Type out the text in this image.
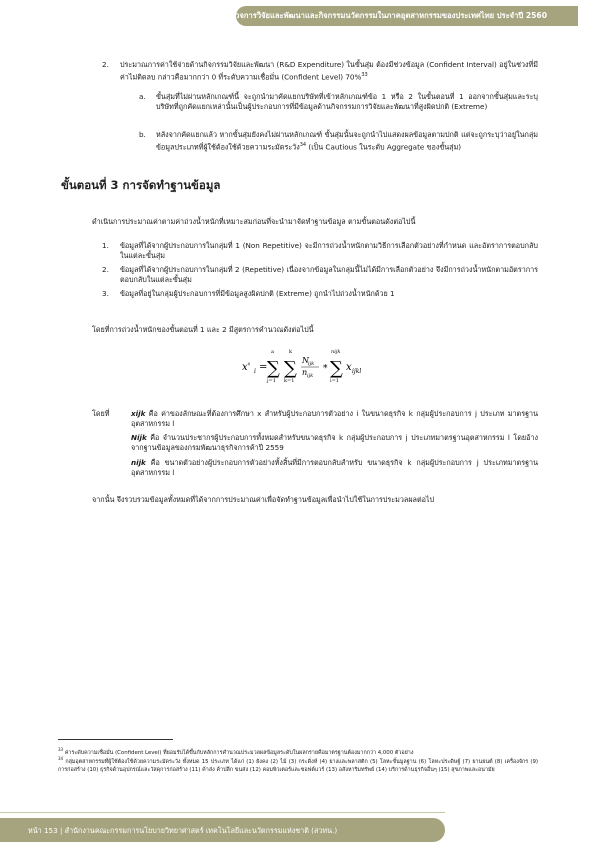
รายงานผลการสำรวจการวิจัยและพัฒนาและกิจกรรมนวัตกรรมในภาคอุตสาหกรรมของประเทศไทย ประจำปี 2560
2. ประมาณการค่าใช้จ่ายด้านกิจกรรมวิจัยและพัฒนา (R&D Expenditure) ในขั้นสุ่ม ต้องมีช่วงข้อมูล (Confident Interval) อยู่ในช่วงที่มีค่าไม่ติดลบ กล่าวคือมากกว่า 0 ที่ระดับความเชื่อมั่น (Confident Level) 70%$^{33}$
a. ขั้นสุ่มที่ไม่ผ่านหลักเกณฑ์นี้ จะถูกนำมาคัดแยกบริษัทที่เข้าหลักเกณฑ์ข้อ 1 หรือ 2 ในขั้นตอนที่ 1 ออกจากขั้นสุ่มและระบุบริษัทที่ถูกคัดแยกเหล่านั้นเป็นผู้ประกอบการที่มีข้อมูลด้านกิจกรรมการวิจัยและพัฒนาที่สูงผิดปกติ (Extreme)
b. หลังจากคัดแยกแล้ว หากขั้นสุ่มยังคงไม่ผ่านหลักเกณฑ์ ขั้นสุ่มนั้นจะถูกนำไปแสดงผลข้อมูลตามปกติ แต่จะถูกระบุว่าอยู่ในกลุ่มข้อมูลประเภทที่ผู้ใช้ต้องใช้ด้วยความระมัดระวัง$^{34}$ (เป็น Cautious ในระดับ Aggregate ของขั้นสุ่ม)
ขั้นตอนที่ 3 การจัดทำฐานข้อมูล
ดำเนินการประมาณค่าตามค่าถ่วงน้ำหนักที่เหมาะสมก่อนที่จะนำมาจัดทำฐานข้อมูล ตามขั้นตอนดังต่อไปนี้
1. ข้อมูลที่ได้จากผู้ประกอบการในกลุ่มที่ 1 (Non Repetitive) จะมีการถ่วงน้ำหนักตามวิธีการเลือกตัวอย่างที่กำหนด และอัตราการตอบกลับในแต่ละขั้นสุ่ม
2. ข้อมูลที่ได้จากผู้ประกอบการในกลุ่มที่ 2 (Repetitive) เนื่องจากข้อมูลในกลุ่มนี้ไม่ได้มีการเลือกตัวอย่าง จึงมีการถ่วงน้ำหนักตามอัตราการตอบกลับในแต่ละขั้นสุ่ม
3. ข้อมูลที่อยู่ในกลุ่มผู้ประกอบการที่มีข้อมูลสูงผิดปกติ (Extreme) ถูกนำไปถ่วงน้ำหนักด้วย 1
โดยที่การถ่วงน้ำหนักของขั้นตอนที่ 1 และ 2 มีสูตรการคำนวณดังต่อไปนี้
x' i =
a
∑
j=1
k
∑
k=1
N ijk
n ijk
*
nijk
∑
i=1
x ijkl
โดยที่	xijk คือ ค่าของลักษณะที่ต้องการศึกษา x สำหรับผู้ประกอบการตัวอย่าง i ในขนาดธุรกิจ k กลุ่มผู้ประกอบการ j ประเภท มาตรฐานอุตสาหกรรม l
Nijk คือ จำนวนประชากรผู้ประกอบการทั้งหมดสำหรับขนาดธุรกิจ k กลุ่มผู้ประกอบการ j ประเภทมาตรฐานอุตสาหกรรม l โดยอ้างจากฐานข้อมูลของกรมพัฒนาธุรกิจการค้าปี 2559
nijk คือ ขนาดตัวอย่างผู้ประกอบการตัวอย่างทั้งสิ้นที่มีการตอบกลับสำหรับ ขนาดธุรกิจ k กลุ่มผู้ประกอบการ j ประเภทมาตรฐานอุตสาหกรรม l
จากนั้น จึงรวบรวมข้อมูลทั้งหมดที่ได้จากการประมาณค่าเพื่อจัดทำฐานข้อมูลเพื่อนำไปใช้ในการประมวลผลต่อไป
$^{33}$ ค่าระดับความเชื่อมั่น (Confident Level) ที่ยอมรับได้ขึ้นกับหลักการคำนวณประมวลผลข้อมูลระดับในผลกรายคือมาตรฐานต้องมากกว่า 4,000 ตัวอย่าง
$^{34}$ กลุ่มอุตสาหกรรมที่ผู้ใช้ต้องใช้ด้วยความระมัดระวัง ทั้งหมด 15 ประเภท ได้แก่ (1) ยังคง (2) ไม้ (3) กระดิ่งห์ (4) ยางและพลาสติก (5) โลหะขั้นมูลฐาน (6) โลหะประดิษฐ์ (7) ยานยนต์ (8) เครื่องจักร (9) การก่อสร้าง (10) ธุรกิจด้านอุปกรณ์และวัสดุการก่อสร้าง (11) ค้าส่ง ค้าปลีก ขนส่ง (12) คอมพิวเตอร์และซอฟต์แวร์ (13) อสังหาริมทรัพย์ (14) บริการด้านธุรกิจอื่นๆ (15) สุขภาพและอนามัย
หน้า 153 | สำนักงานคณะกรรมการนโยบายวิทยาศาสตร์ เทคโนโลยีและนวัตกรรมแห่งชาติ (สวทน.)
